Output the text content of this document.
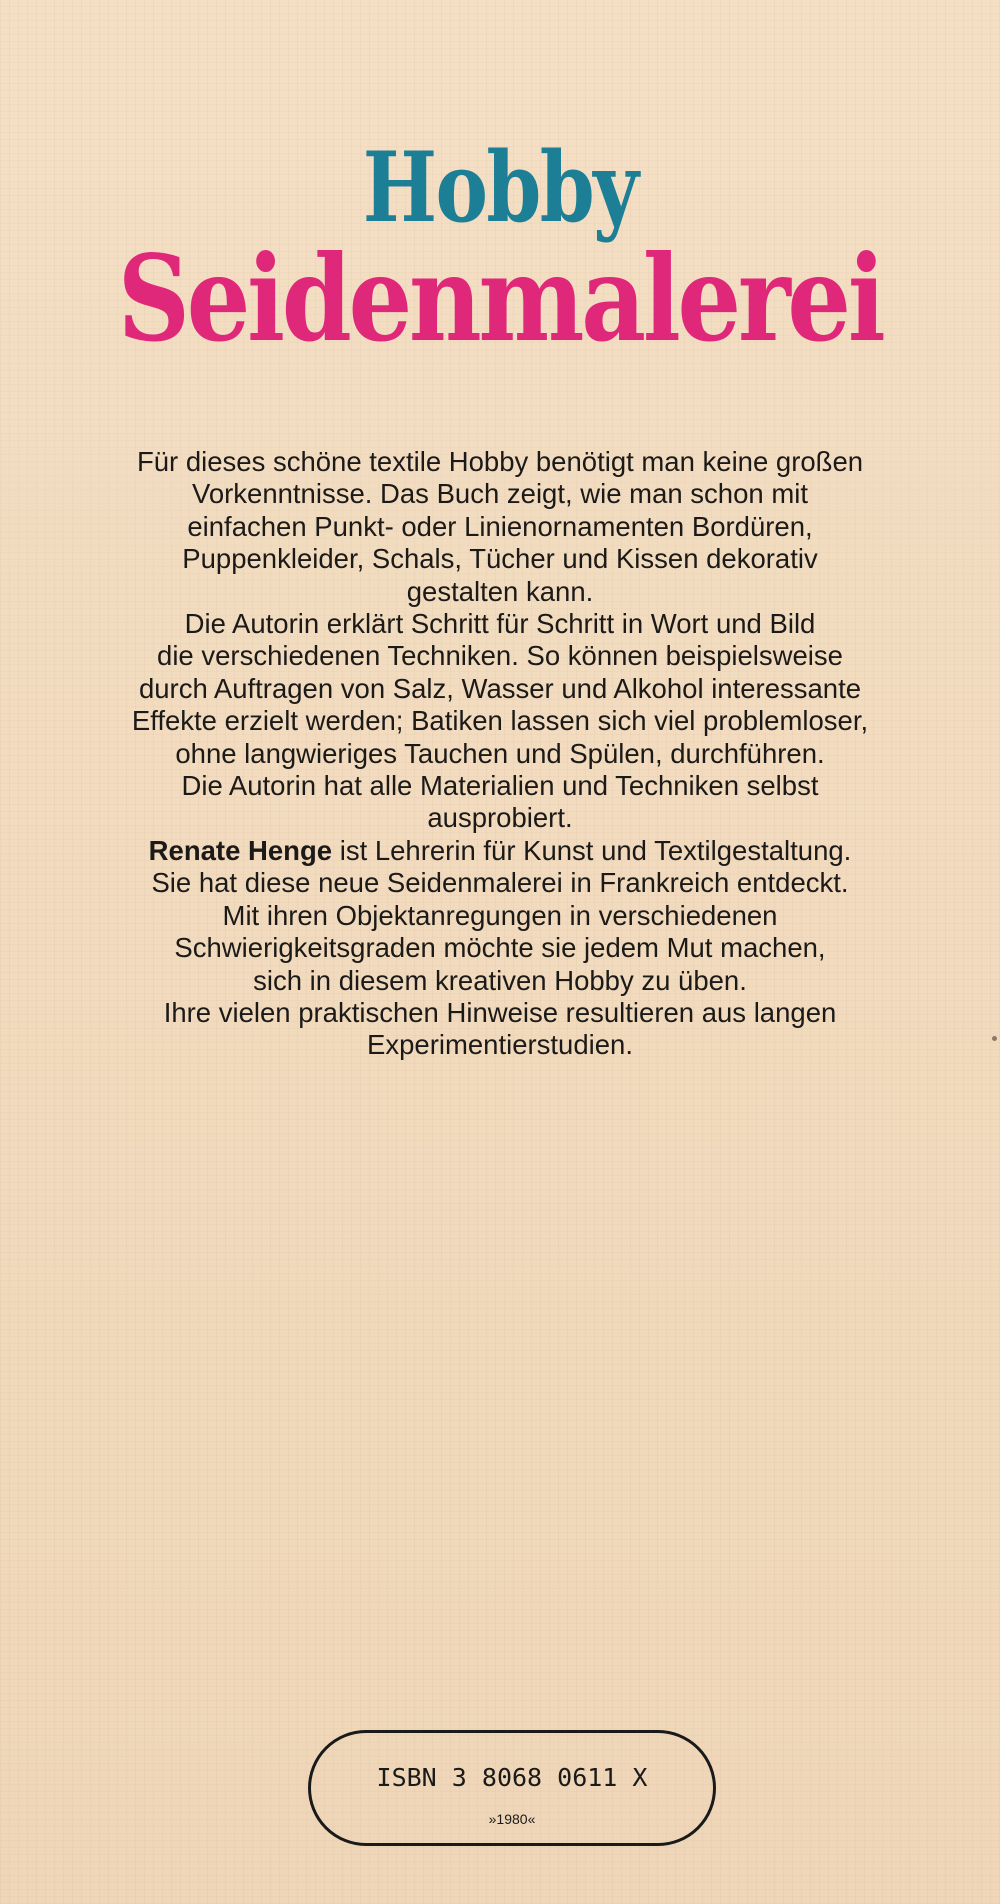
Hobby
Seidenmalerei
Für dieses schöne textile Hobby benötigt man keine großen
Vorkenntnisse. Das Buch zeigt, wie man schon mit
einfachen Punkt- oder Linienornamenten Bordüren,
Puppenkleider, Schals, Tücher und Kissen dekorativ
gestalten kann.
Die Autorin erklärt Schritt für Schritt in Wort und Bild
die verschiedenen Techniken. So können beispielsweise
durch Auftragen von Salz, Wasser und Alkohol interessante
Effekte erzielt werden; Batiken lassen sich viel problemloser,
ohne langwieriges Tauchen und Spülen, durchführen.
Die Autorin hat alle Materialien und Techniken selbst
ausprobiert.
Renate Henge ist Lehrerin für Kunst und Textilgestaltung.
Sie hat diese neue Seidenmalerei in Frankreich entdeckt.
Mit ihren Objektanregungen in verschiedenen
Schwierigkeitsgraden möchte sie jedem Mut machen,
sich in diesem kreativen Hobby zu üben.
Ihre vielen praktischen Hinweise resultieren aus langen
Experimentierstudien.
ISBN 3 8068 0611 X
»1980«
